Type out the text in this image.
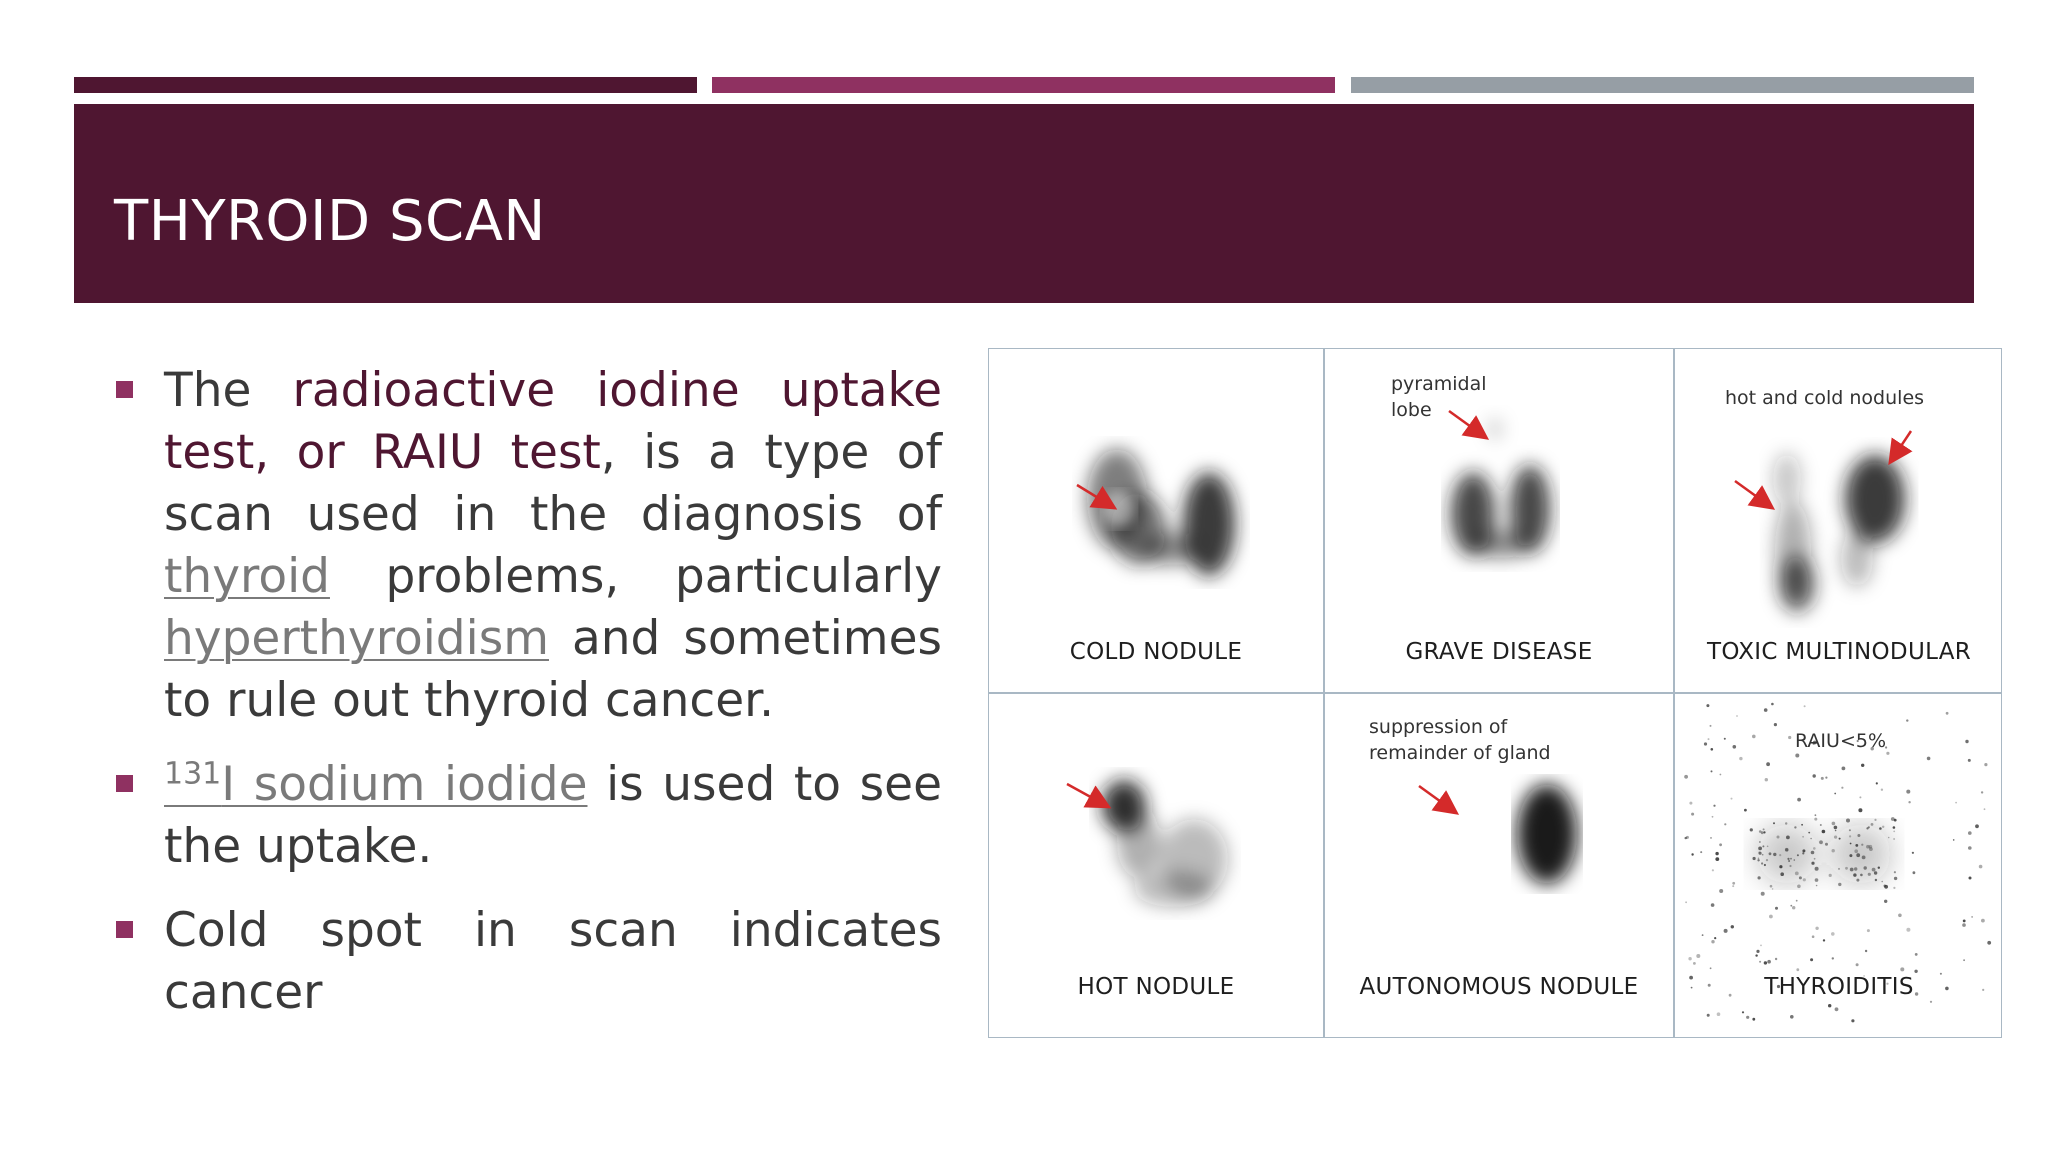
THYROID SCAN

The radioactive iodine uptake test, or RAIU test, is a type of scan used in the diagnosis of thyroid problems, particularly hyperthyroidism and sometimes to rule out thyroid cancer.

$^{131}$I sodium iodide is used to see the uptake.

Cold spot in scan indicates cancer

COLD NODULE
pyramidal
lobe
GRAVE DISEASE
hot and cold nodules
TOXIC MULTINODULAR
HOT NODULE
suppression of
remainder of gland
AUTONOMOUS NODULE
RAIU<5%
THYROIDITIS
